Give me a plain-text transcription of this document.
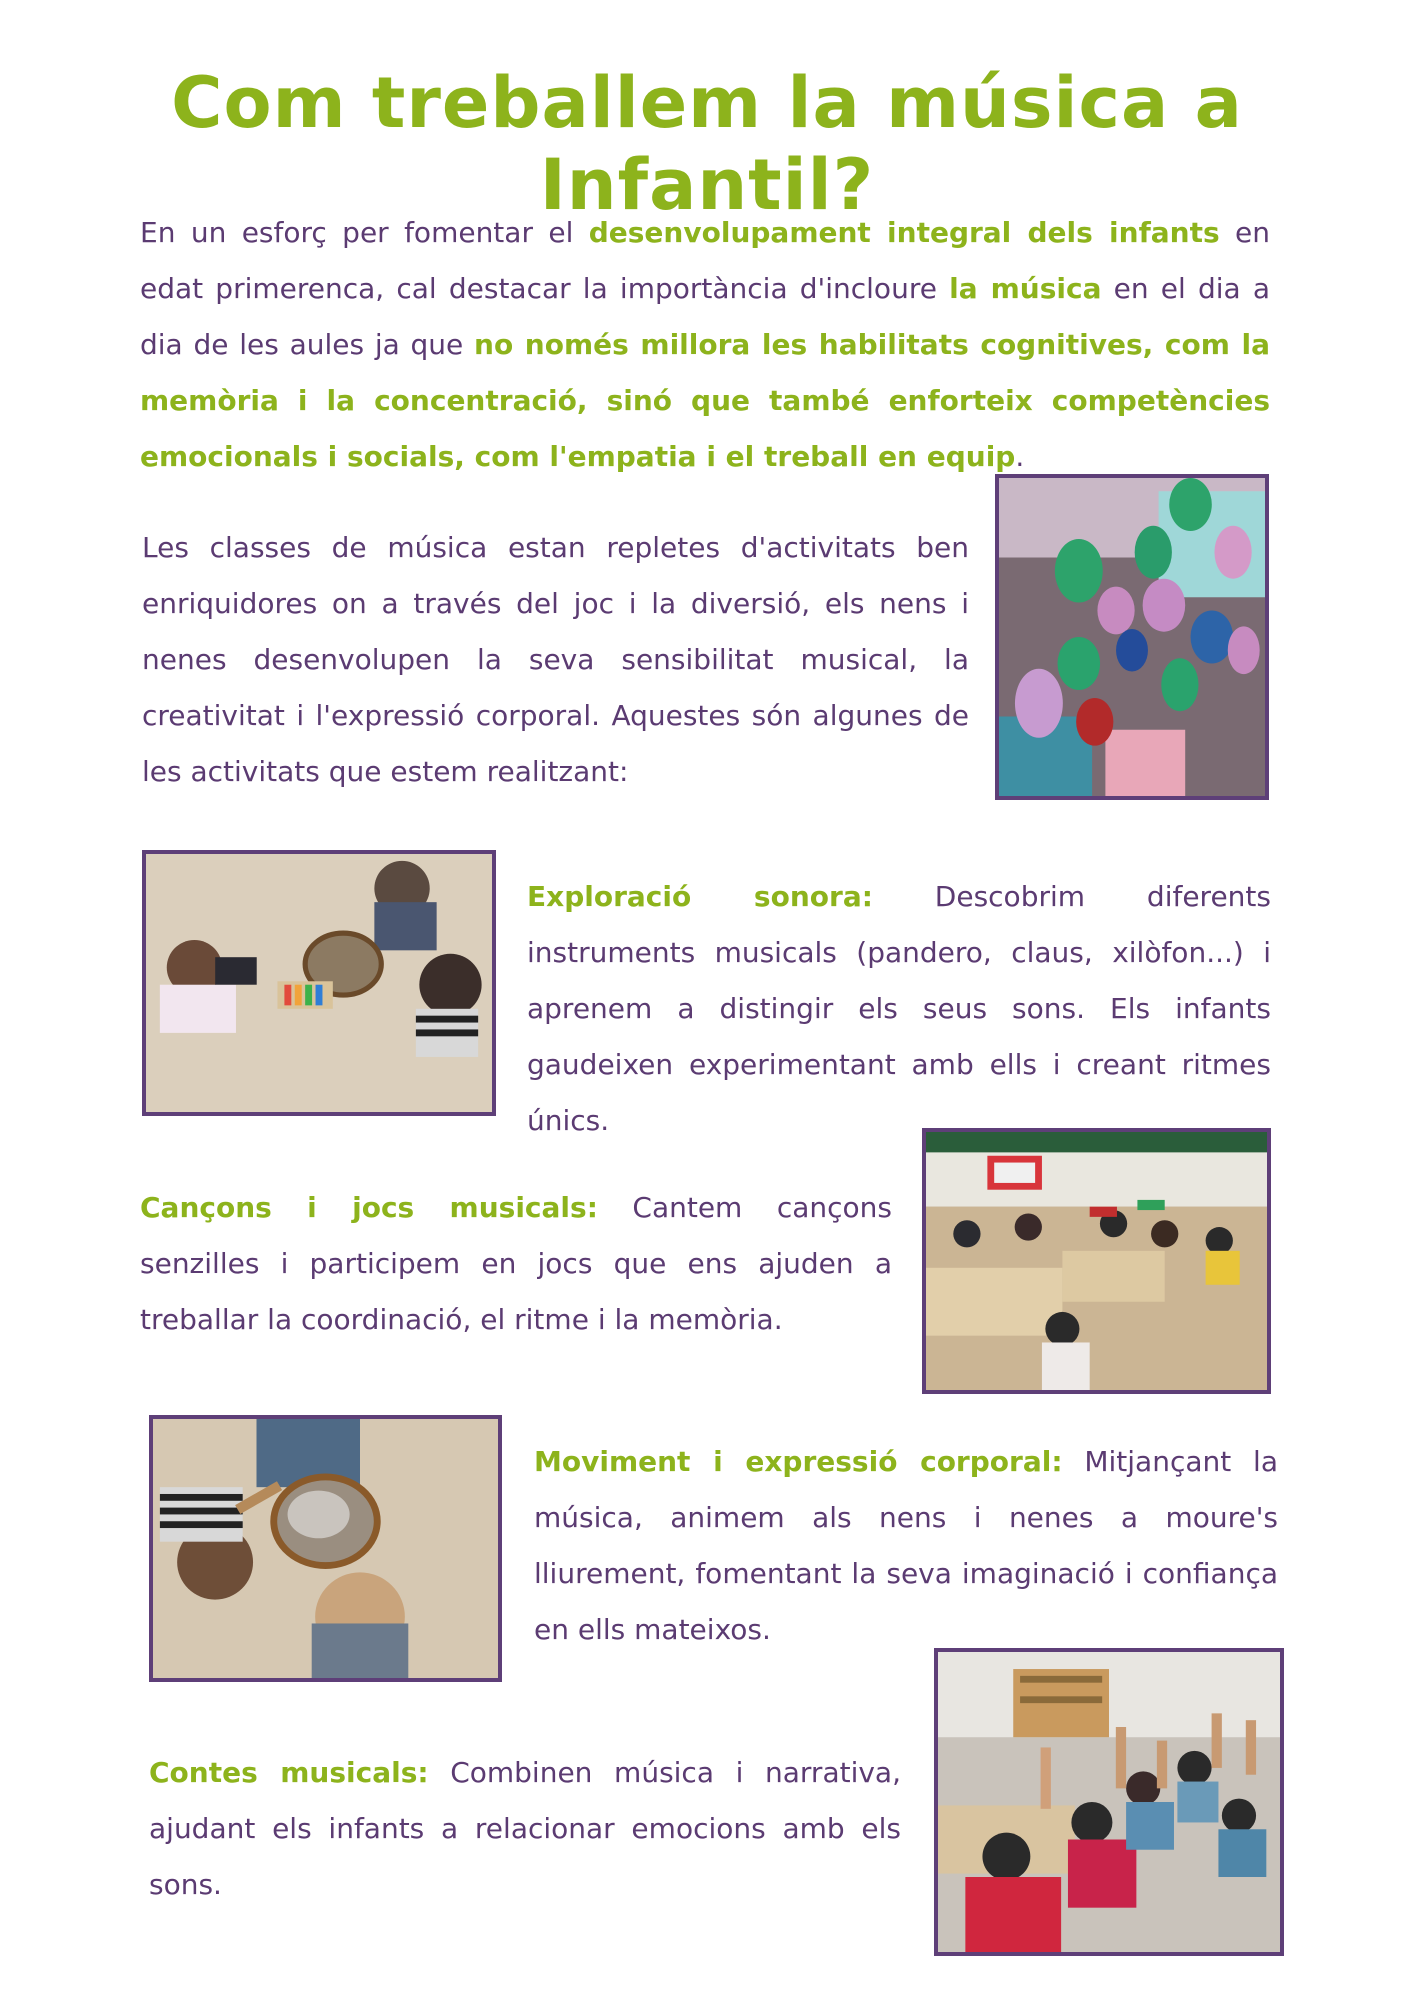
Com treballem la música a Infantil?

En un esforç per fomentar el desenvolupament integral dels infants en edat primerenca, cal destacar la importància d'incloure la música en el dia a dia de les aules ja que no només millora les habilitats cognitives, com la memòria i la concentració, sinó que també enforteix competències emocionals i socials, com l'empatia i el treball en equip.

Les classes de música estan repletes d'activitats ben enriquidores on a través del joc i la diversió, els nens i nenes desenvolupen la seva sensibilitat musical, la creativitat i l'expressió corporal. Aquestes són algunes de les activitats que estem realitzant:

Exploració sonora: Descobrim diferents instruments musicals (pandero, claus, xilòfon...) i aprenem a distingir els seus sons. Els infants gaudeixen experimentant amb ells i creant ritmes únics.

Cançons i jocs musicals: Cantem cançons senzilles i participem en jocs que ens ajuden a treballar la coordinació, el ritme i la memòria.

Moviment i expressió corporal: Mitjançant la música, animem als nens i nenes a moure's lliurement, fomentant la seva imaginació i confiança en ells mateixos.

Contes musicals: Combinen música i narrativa, ajudant els infants a relacionar emocions amb els sons.
